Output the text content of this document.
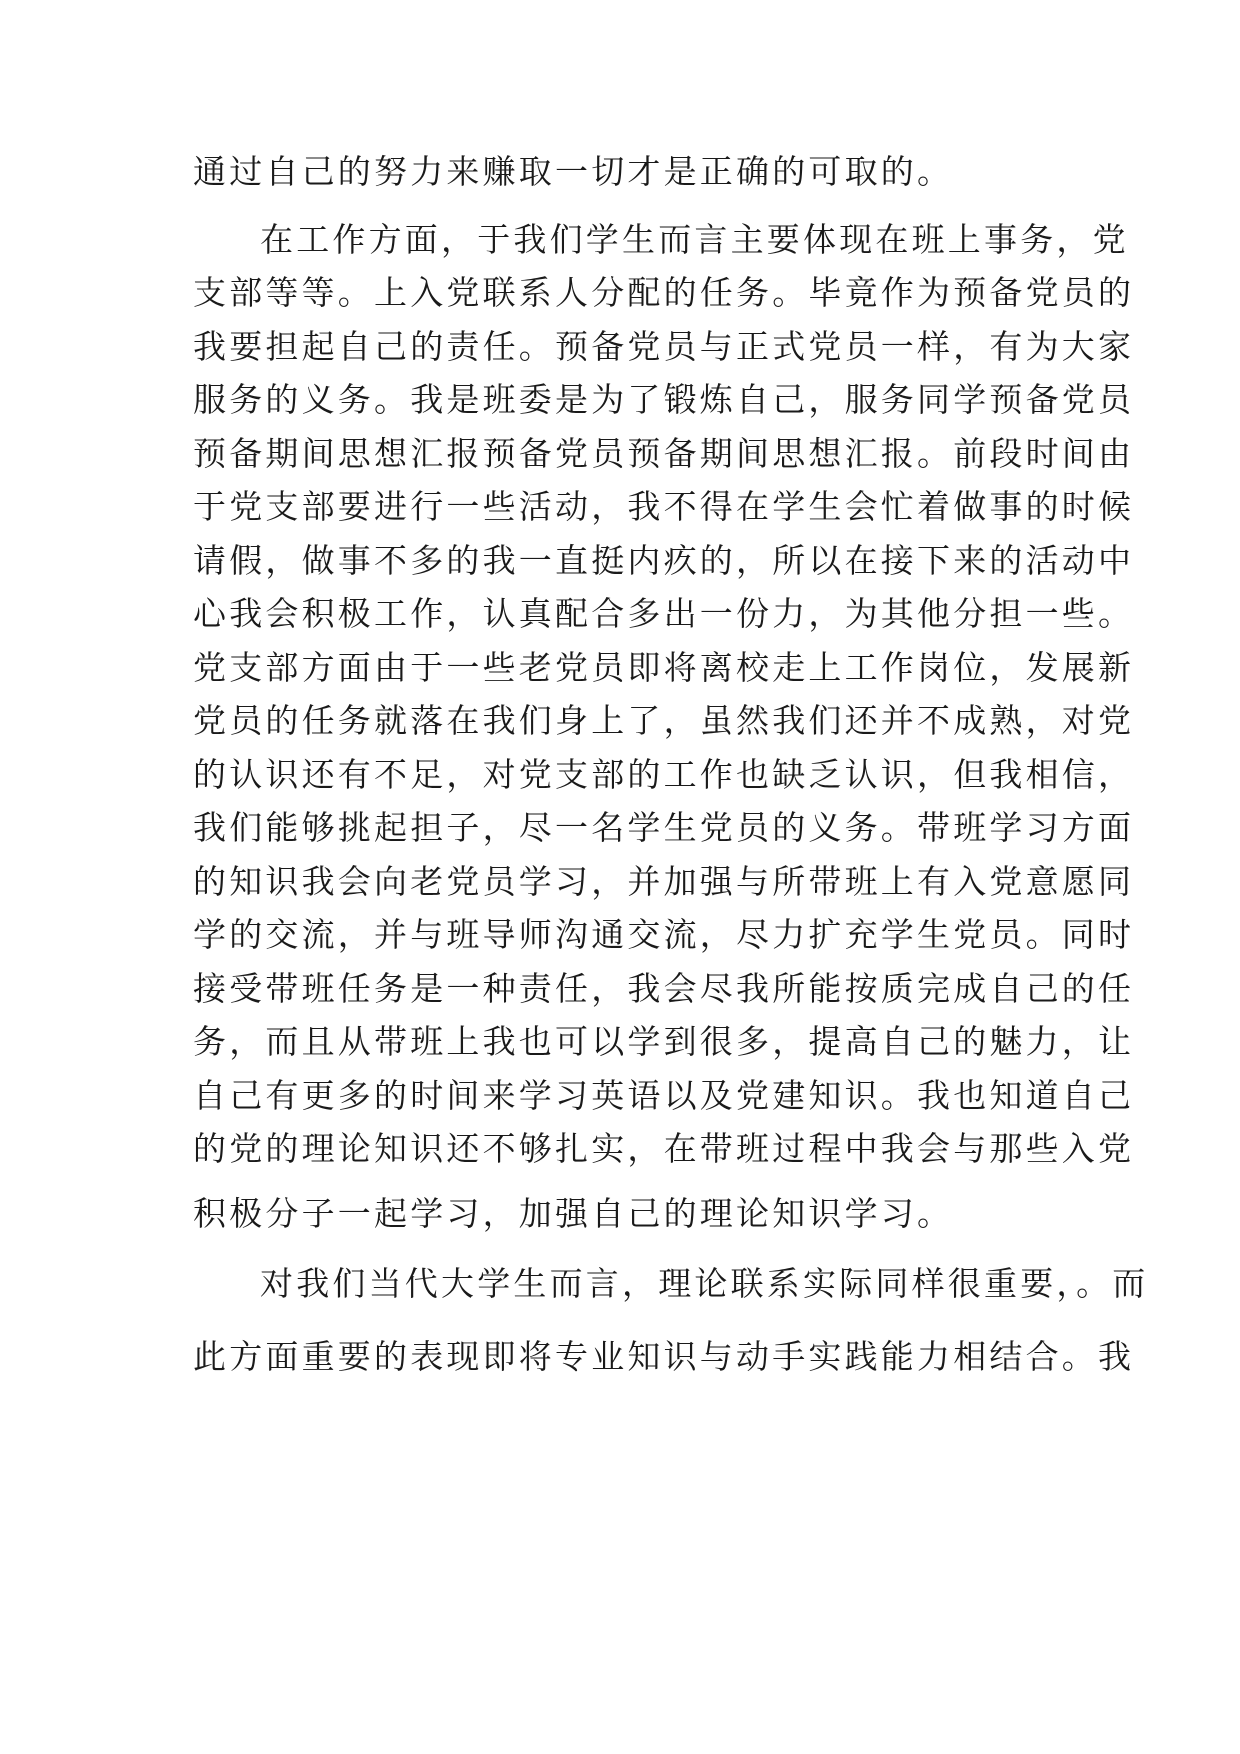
通过自己的努力来赚取一切才是正确的可取的。
在工作方面，于我们学生而言主要体现在班上事务，党
支部等等。上入党联系人分配的任务。毕竟作为预备党员的
我要担起自己的责任。预备党员与正式党员一样，有为大家
服务的义务。我是班委是为了锻炼自己，服务同学预备党员
预备期间思想汇报预备党员预备期间思想汇报。前段时间由
于党支部要进行一些活动，我不得在学生会忙着做事的时候
请假，做事不多的我一直挺内疚的，所以在接下来的活动中
心我会积极工作，认真配合多出一份力，为其他分担一些。
党支部方面由于一些老党员即将离校走上工作岗位，发展新
党员的任务就落在我们身上了，虽然我们还并不成熟，对党
的认识还有不足，对党支部的工作也缺乏认识，但我相信，
我们能够挑起担子，尽一名学生党员的义务。带班学习方面
的知识我会向老党员学习，并加强与所带班上有入党意愿同
学的交流，并与班导师沟通交流，尽力扩充学生党员。同时
接受带班任务是一种责任，我会尽我所能按质完成自己的任
务，而且从带班上我也可以学到很多，提高自己的魅力，让
自己有更多的时间来学习英语以及党建知识。我也知道自己
的党的理论知识还不够扎实，在带班过程中我会与那些入党
积极分子一起学习，加强自己的理论知识学习。
对我们当代大学生而言，理论联系实际同样很重要，。而
此方面重要的表现即将专业知识与动手实践能力相结合。我
